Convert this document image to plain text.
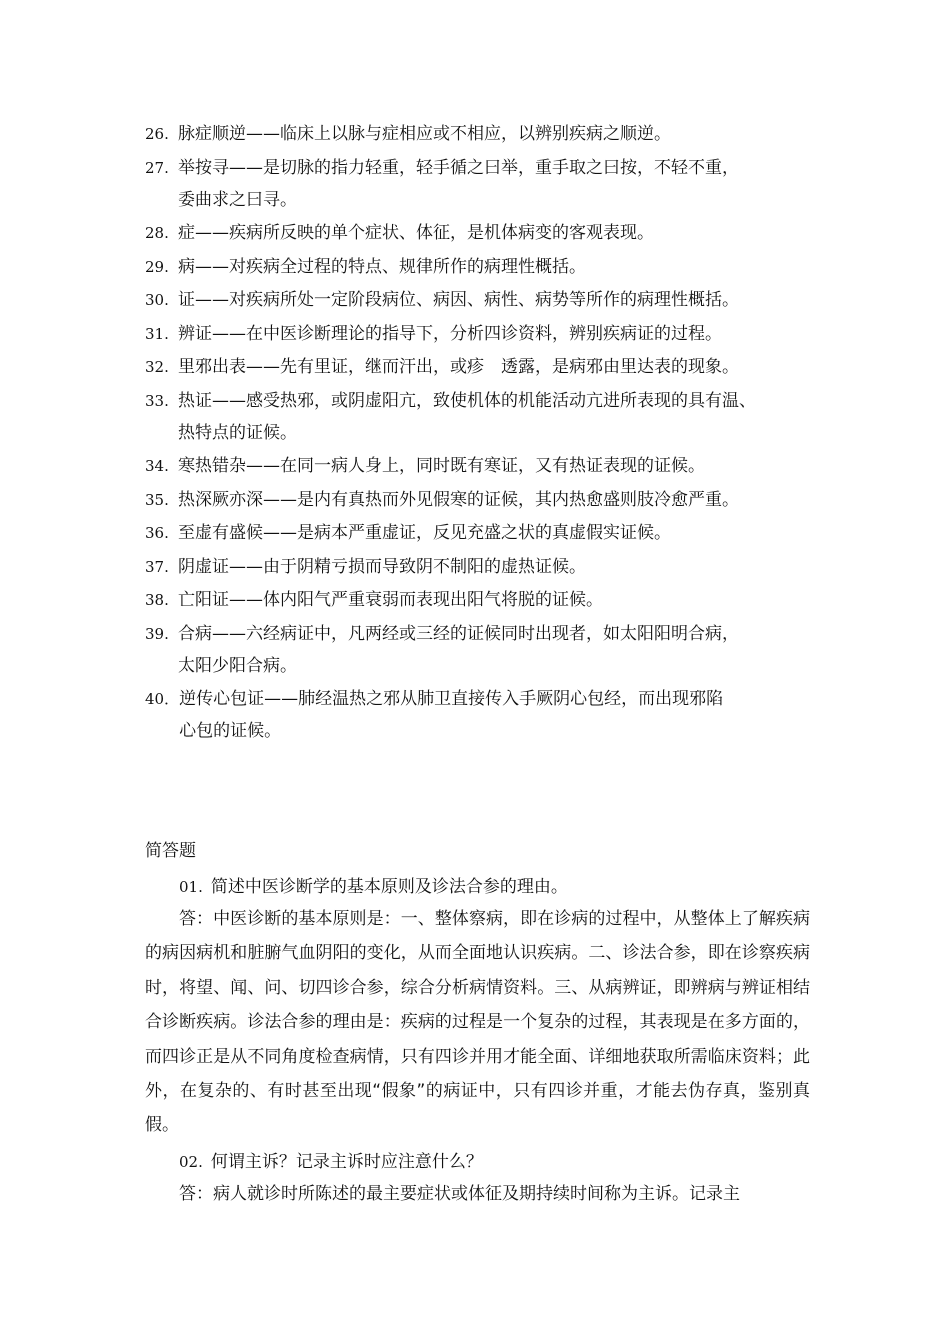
26. 脉症顺逆——临床上以脉与症相应或不相应，以辨别疾病之顺逆。
27. 举按寻——是切脉的指力轻重，轻手循之曰举，重手取之曰按，不轻不重，
委曲求之曰寻。
28. 症——疾病所反映的单个症状、体征，是机体病变的客观表现。
29. 病——对疾病全过程的特点、规律所作的病理性概括。
30. 证——对疾病所处一定阶段病位、病因、病性、病势等所作的病理性概括。
31. 辨证——在中医诊断理论的指导下，分析四诊资料，辨别疾病证的过程。
32. 里邪出表——先有里证，继而汗出，或疹　透露，是病邪由里达表的现象。
33. 热证——感受热邪，或阴虚阳亢，致使机体的机能活动亢进所表现的具有温、
热特点的证候。
34. 寒热错杂——在同一病人身上，同时既有寒证，又有热证表现的证候。
35. 热深厥亦深——是内有真热而外见假寒的证候，其内热愈盛则肢冷愈严重。
36. 至虚有盛候——是病本严重虚证，反见充盛之状的真虚假实证候。
37. 阴虚证——由于阴精亏损而导致阴不制阳的虚热证候。
38. 亡阳证——体内阳气严重衰弱而表现出阳气将脱的证候。
39. 合病——六经病证中，凡两经或三经的证候同时出现者，如太阳阳明合病，
太阳少阳合病。
40． 逆传心包证——肺经温热之邪从肺卫直接传入手厥阴心包经，而出现邪陷
心包的证候。
简答题
01. 简述中医诊断学的基本原则及诊法合参的理由。
答：中医诊断的基本原则是：一、整体察病，即在诊病的过程中，从整体上了解疾病的病因病机和脏腑气血阴阳的变化，从而全面地认识疾病。二、诊法合参，即在诊察疾病时，将望、闻、问、切四诊合参，综合分析病情资料。三、从病辨证，即辨病与辨证相结合诊断疾病。诊法合参的理由是：疾病的过程是一个复杂的过程，其表现是在多方面的，而四诊正是从不同角度检查病情，只有四诊并用才能全面、详细地获取所需临床资料；此外，在复杂的、有时甚至出现“假象”的病证中，只有四诊并重，才能去伪存真，鉴别真假。
02. 何谓主诉？记录主诉时应注意什么？
答：病人就诊时所陈述的最主要症状或体征及期持续时间称为主诉。记录主
